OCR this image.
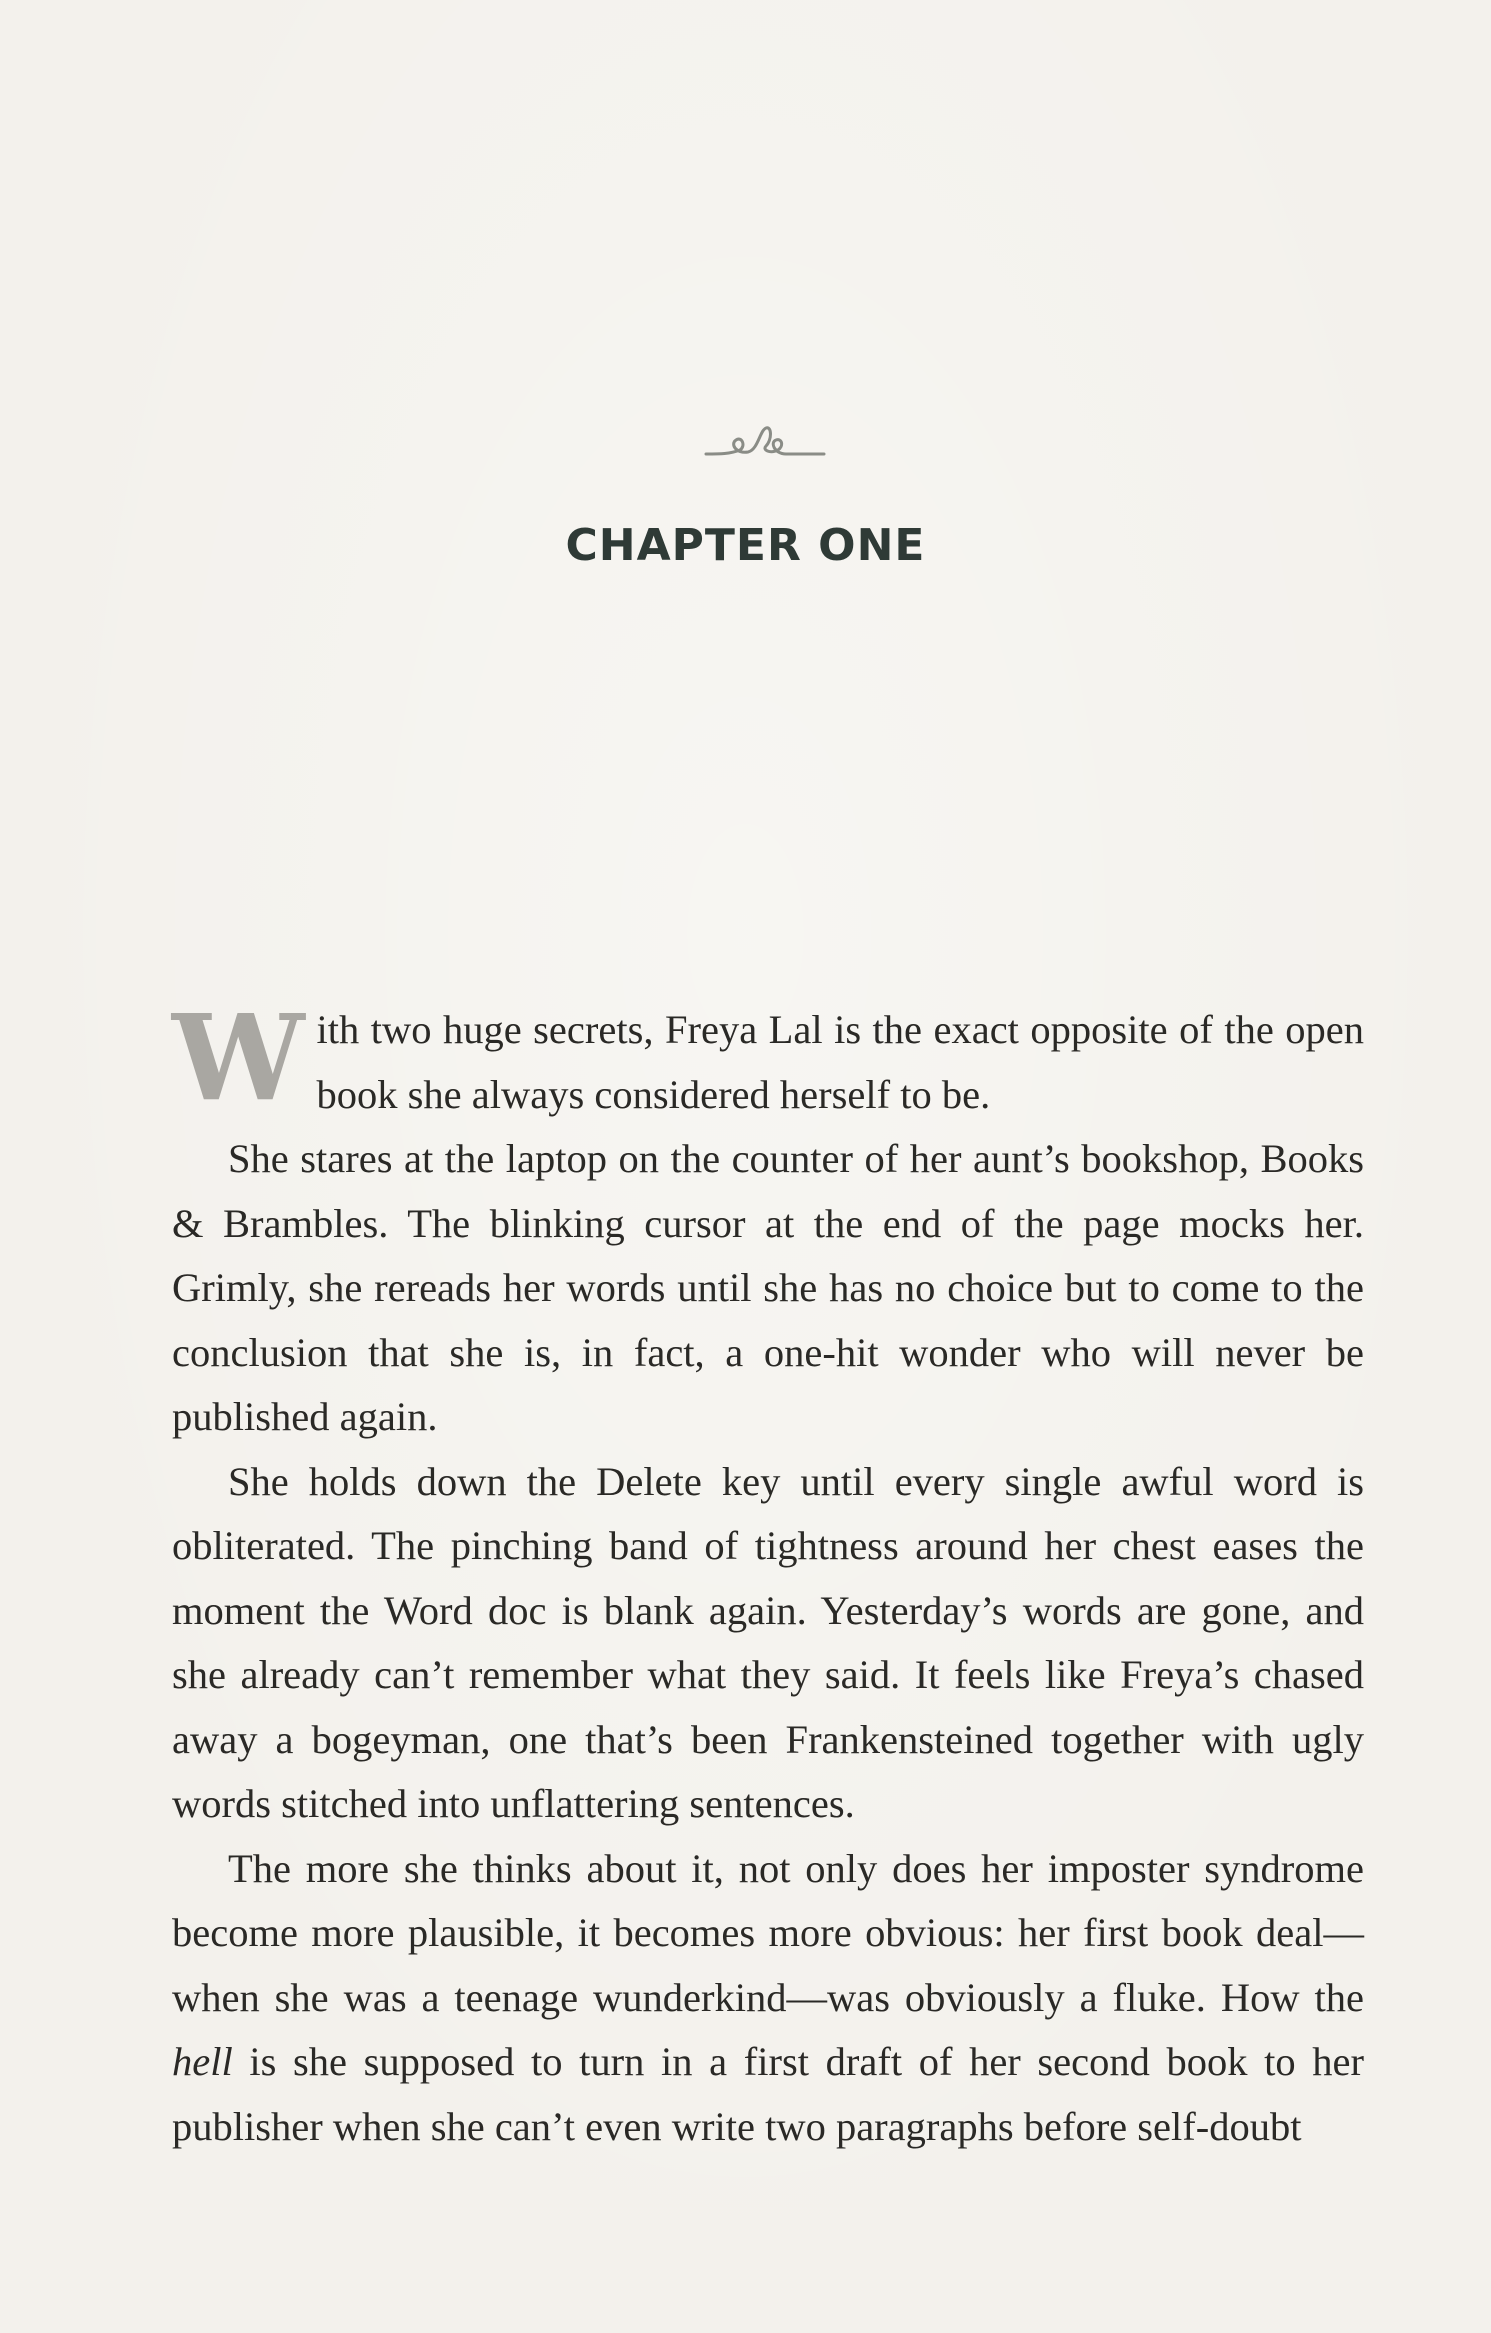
CHAPTER ONE

With two huge secrets, Freya Lal is the exact opposite of the open book she always considered herself to be.

She stares at the laptop on the counter of her aunt’s bookshop, Books & Brambles. The blinking cursor at the end of the page mocks her. Grimly, she rereads her words until she has no choice but to come to the conclusion that she is, in fact, a one-hit wonder who will never be published again.

She holds down the Delete key until every single awful word is obliterated. The pinching band of tightness around her chest eases the moment the Word doc is blank again. Yesterday’s words are gone, and she already can’t remember what they said. It feels like Freya’s chased away a bogeyman, one that’s been Frankensteined together with ugly words stitched into unflattering sentences.

The more she thinks about it, not only does her imposter syndrome become more plausible, it becomes more obvious: her first book deal—when she was a teenage wunderkind—was obviously a fluke. How the hell is she supposed to turn in a first draft of her second book to her publisher when she can’t even write two paragraphs before self-doubt
